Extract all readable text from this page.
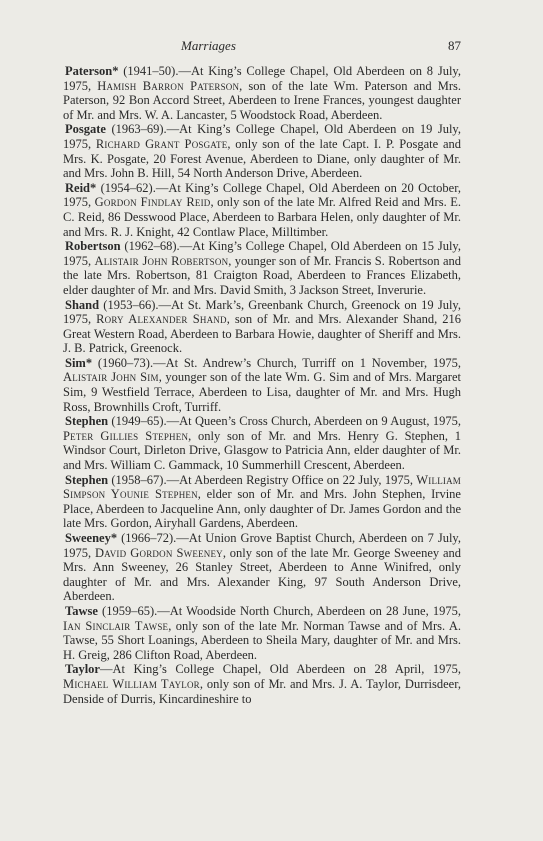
Marriages	87

Paterson* (1941–50).—At King’s College Chapel, Old Aberdeen on 8 July, 1975, Hamish Barron Paterson, son of the late Wm. Paterson and Mrs. Paterson, 92 Bon Accord Street, Aberdeen to Irene Frances, youngest daughter of Mr. and Mrs. W. A. Lancaster, 5 Woodstock Road, Aberdeen.

Posgate (1963–69).—At King’s College Chapel, Old Aberdeen on 19 July, 1975, Richard Grant Posgate, only son of the late Capt. I. P. Posgate and Mrs. K. Posgate, 20 Forest Avenue, Aberdeen to Diane, only daughter of Mr. and Mrs. John B. Hill, 54 North Anderson Drive, Aberdeen.

Reid* (1954–62).—At King’s College Chapel, Old Aberdeen on 20 October, 1975, Gordon Findlay Reid, only son of the late Mr. Alfred Reid and Mrs. E. C. Reid, 86 Desswood Place, Aberdeen to Barbara Helen, only daughter of Mr. and Mrs. R. J. Knight, 42 Contlaw Place, Milltimber.

Robertson (1962–68).—At King’s College Chapel, Old Aberdeen on 15 July, 1975, Alistair John Robertson, younger son of Mr. Francis S. Robertson and the late Mrs. Robertson, 81 Craigton Road, Aberdeen to Frances Elizabeth, elder daughter of Mr. and Mrs. David Smith, 3 Jackson Street, Inverurie.

Shand (1953–66).—At St. Mark’s, Greenbank Church, Greenock on 19 July, 1975, Rory Alexander Shand, son of Mr. and Mrs. Alexander Shand, 216 Great Western Road, Aberdeen to Barbara Howie, daughter of Sheriff and Mrs. J. B. Patrick, Greenock.

Sim* (1960–73).—At St. Andrew’s Church, Turriff on 1 November, 1975, Alistair John Sim, younger son of the late Wm. G. Sim and of Mrs. Margaret Sim, 9 Westfield Terrace, Aberdeen to Lisa, daughter of Mr. and Mrs. Hugh Ross, Brownhills Croft, Turriff.

Stephen (1949–65).—At Queen’s Cross Church, Aberdeen on 9 August, 1975, Peter Gillies Stephen, only son of Mr. and Mrs. Henry G. Stephen, 1 Windsor Court, Dirleton Drive, Glasgow to Patricia Ann, elder daughter of Mr. and Mrs. William C. Gammack, 10 Summerhill Crescent, Aberdeen.

Stephen (1958–67).—At Aberdeen Registry Office on 22 July, 1975, William Simpson Younie Stephen, elder son of Mr. and Mrs. John Stephen, Irvine Place, Aberdeen to Jacqueline Ann, only daughter of Dr. James Gordon and the late Mrs. Gordon, Airyhall Gardens, Aberdeen.

Sweeney* (1966–72).—At Union Grove Baptist Church, Aberdeen on 7 July, 1975, David Gordon Sweeney, only son of the late Mr. George Sweeney and Mrs. Ann Sweeney, 26 Stanley Street, Aberdeen to Anne Winifred, only daughter of Mr. and Mrs. Alexander King, 97 South Anderson Drive, Aberdeen.

Tawse (1959–65).—At Woodside North Church, Aberdeen on 28 June, 1975, Ian Sinclair Tawse, only son of the late Mr. Norman Tawse and of Mrs. A. Tawse, 55 Short Loanings, Aberdeen to Sheila Mary, daughter of Mr. and Mrs. H. Greig, 286 Clifton Road, Aberdeen.

Taylor—At King’s College Chapel, Old Aberdeen on 28 April, 1975, Michael William Taylor, only son of Mr. and Mrs. J. A. Taylor, Durrisdeer, Denside of Durris, Kincardineshire to
